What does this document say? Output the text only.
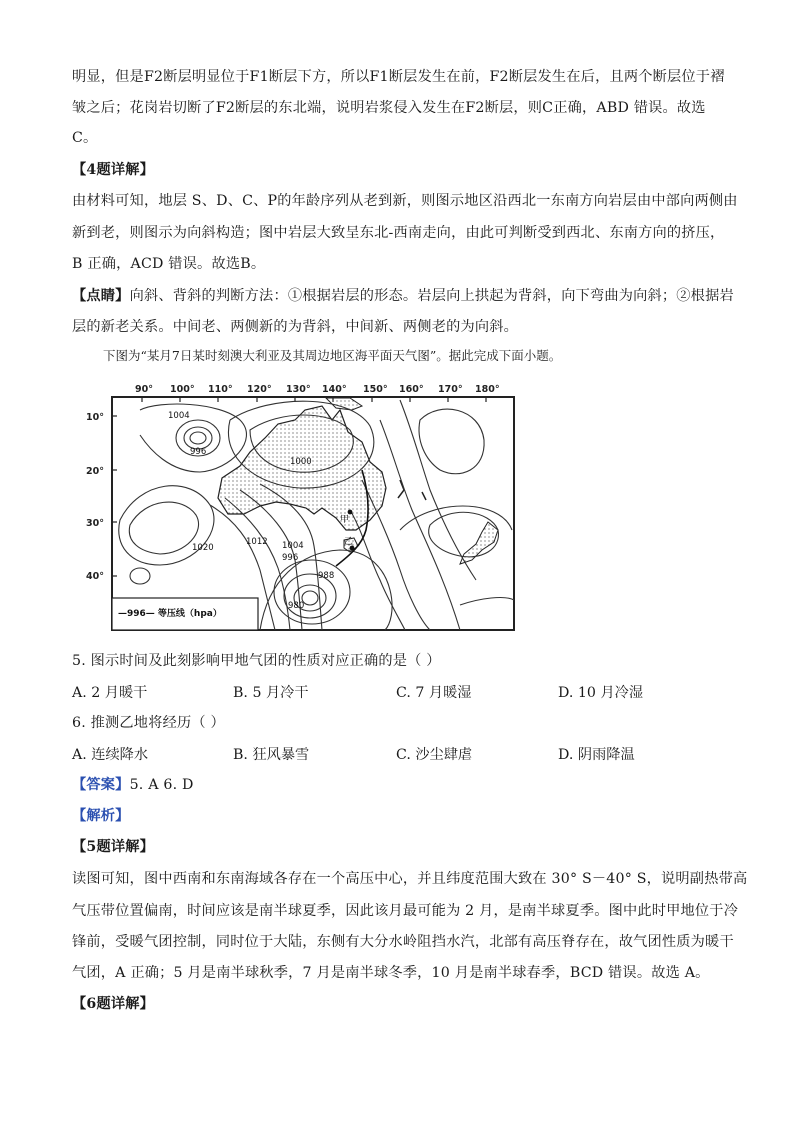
明显，但是F2断层明显位于F1断层下方，所以F1断层发生在前，F2断层发生在后，且两个断层位于褶
皱之后；花岗岩切断了F2断层的东北端，说明岩浆侵入发生在F2断层，则C正确，ABD 错误。故选
C。
【4题详解】
由材料可知，地层 S、D、C、P的年龄序列从老到新，则图示地区沿西北一东南方向岩层由中部向两侧由
新到老，则图示为向斜构造；图中岩层大致呈东北-西南走向，由此可判断受到西北、东南方向的挤压，
B 正确，ACD 错误。故选B。
【点睛】向斜、背斜的判断方法：①根据岩层的形态。岩层向上拱起为背斜，向下弯曲为向斜；②根据岩
层的新老关系。中间老、两侧新的为背斜，中间新、两侧老的为向斜。
下图为“某月7日某时刻澳大利亚及其周边地区海平面天气图”。据此完成下面小题。
90° 100° 110° 120° 130° 140° 150° 160° 170° 180°
10°
20°
30°
40°
1004
996
1000
1020
1012 1004
996
988
980
甲
乙
—996— 等压线（hpa）
5. 图示时间及此刻影响甲地气团的性质对应正确的是（ ）
A. 2 月暖干	B. 5 月冷干	C. 7 月暖湿	D. 10 月冷湿
6. 推测乙地将经历（ ）
A. 连续降水	B. 狂风暴雪	C. 沙尘肆虐	D. 阴雨降温
【答案】5. A 6. D
【解析】
【5题详解】
读图可知，图中西南和东南海域各存在一个高压中心，并且纬度范围大致在 30° S－40° S，说明副热带高
气压带位置偏南，时间应该是南半球夏季，因此该月最可能为 2 月，是南半球夏季。图中此时甲地位于冷
锋前，受暖气团控制，同时位于大陆，东侧有大分水岭阻挡水汽，北部有高压脊存在，故气团性质为暖干
气团，A 正确；5 月是南半球秋季，7 月是南半球冬季，10 月是南半球春季，BCD 错误。故选 A。
【6题详解】
